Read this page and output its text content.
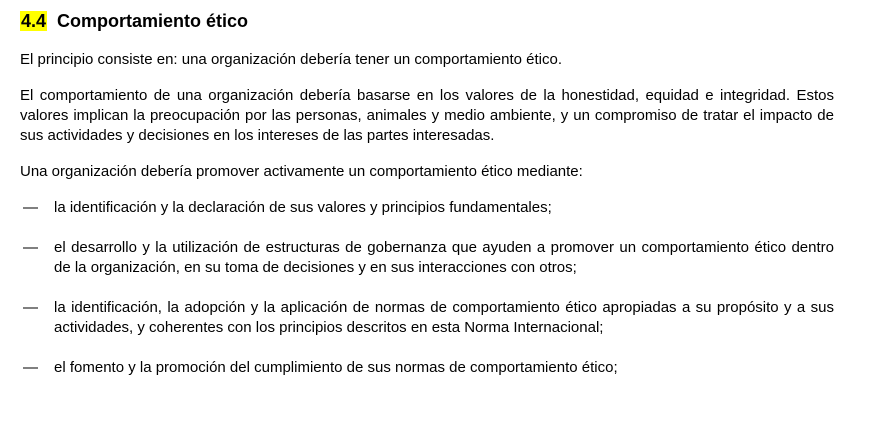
4.4 Comportamiento ético
El principio consiste en: una organización debería tener un comportamiento ético.
El comportamiento de una organización debería basarse en los valores de la honestidad, equidad e integridad. Estos valores implican la preocupación por las personas, animales y medio ambiente, y un compromiso de tratar el impacto de sus actividades y decisiones en los intereses de las partes interesadas.
Una organización debería promover activamente un comportamiento ético mediante:
— la identificación y la declaración de sus valores y principios fundamentales;
— el desarrollo y la utilización de estructuras de gobernanza que ayuden a promover un comportamiento ético dentro de la organización, en su toma de decisiones y en sus interacciones con otros;
— la identificación, la adopción y la aplicación de normas de comportamiento ético apropiadas a su propósito y a sus actividades, y coherentes con los principios descritos en esta Norma Internacional;
— el fomento y la promoción del cumplimiento de sus normas de comportamiento ético;
